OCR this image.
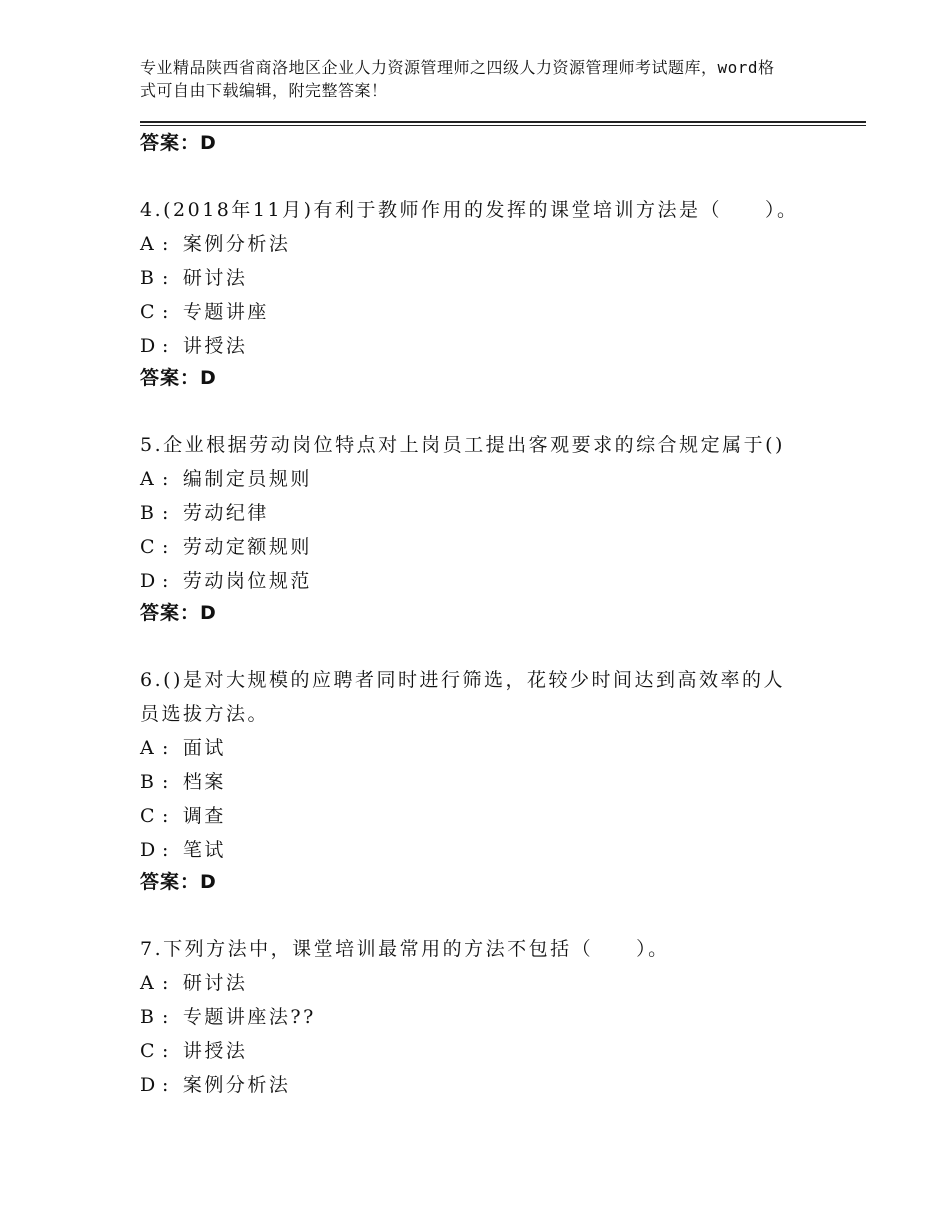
专业精品陕西省商洛地区企业人力资源管理师之四级人力资源管理师考试题库，word格式可自由下载编辑，附完整答案！
答案：D
4.(2018年11月)有利于教师作用的发挥的课堂培训方法是（　　）。
A : 案例分析法
B : 研讨法
C : 专题讲座
D : 讲授法
答案：D
5.企业根据劳动岗位特点对上岗员工提出客观要求的综合规定属于()
A : 编制定员规则
B : 劳动纪律
C : 劳动定额规则
D : 劳动岗位规范
答案：D
6.()是对大规模的应聘者同时进行筛选，花较少时间达到高效率的人员选拔方法。
A : 面试
B : 档案
C : 调查
D : 笔试
答案：D
7.下列方法中，课堂培训最常用的方法不包括（　　）。
A : 研讨法
B : 专题讲座法??
C : 讲授法
D : 案例分析法
